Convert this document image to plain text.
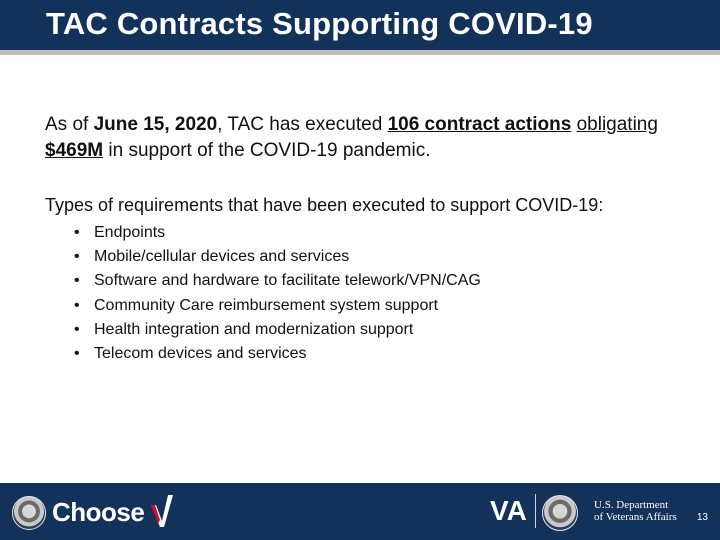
TAC Contracts Supporting COVID-19
As of June 15, 2020, TAC has executed 106 contract actions obligating $469M in support of the COVID-19 pandemic.
Types of requirements that have been executed to support COVID-19:
• Endpoints
• Mobile/cellular devices and services
• Software and hardware to facilitate telework/VPN/CAG
• Community Care reimbursement system support
• Health integration and modernization support
• Telecom devices and services
Choose	VA	U.S. Department
of Veterans Affairs 13
